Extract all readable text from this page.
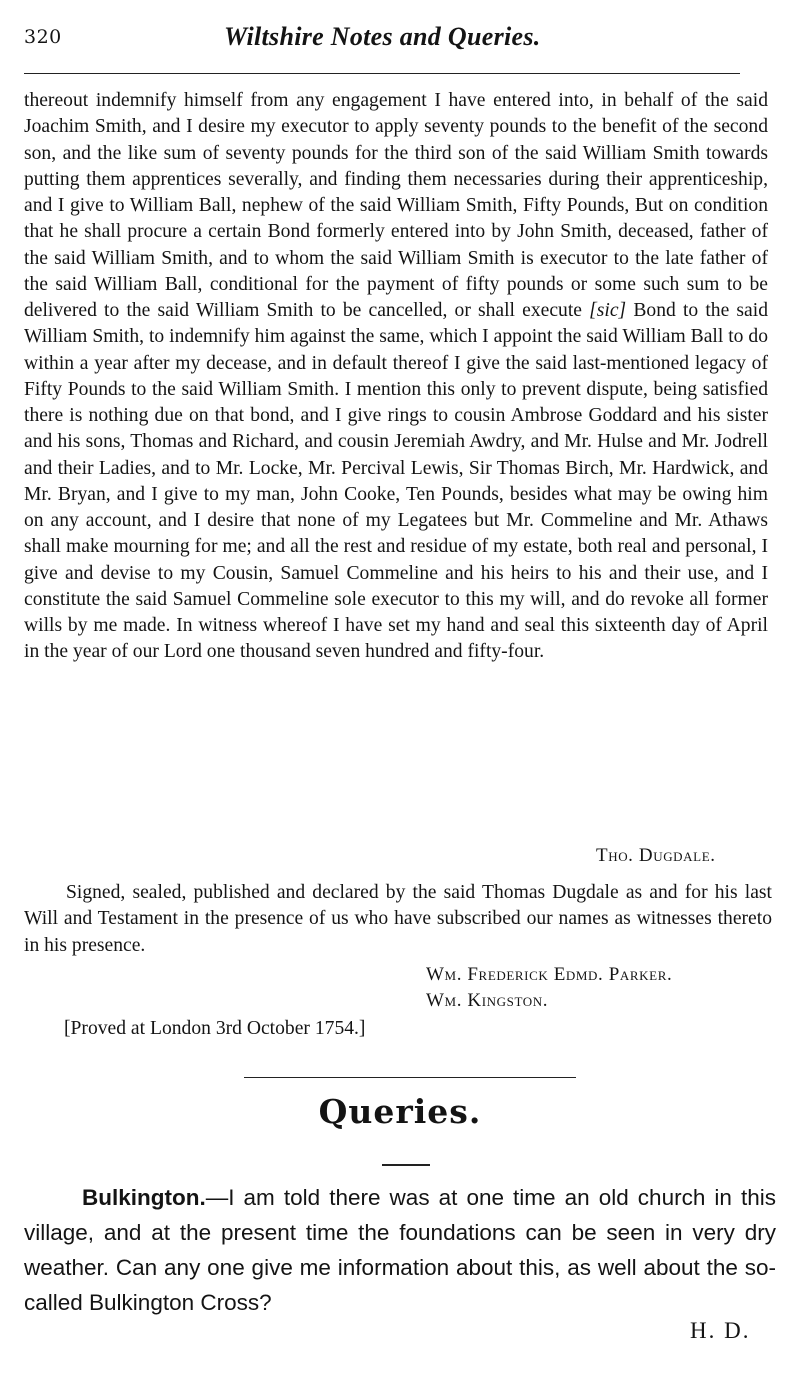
320	Wiltshire Notes and Queries.

thereout indemnify himself from any engagement I have entered into, in behalf of the said Joachim Smith, and I desire my executor to apply seventy pounds to the benefit of the second son, and the like sum of seventy pounds for the third son of the said William Smith towards putting them apprentices severally, and finding them necessaries during their apprenticeship, and I give to William Ball, nephew of the said William Smith, Fifty Pounds, But on condition that he shall procure a certain Bond formerly entered into by John Smith, deceased, father of the said William Smith, and to whom the said William Smith is executor to the late father of the said William Ball, conditional for the payment of fifty pounds or some such sum to be delivered to the said William Smith to be cancelled, or shall execute [sic] Bond to the said William Smith, to indemnify him against the same, which I appoint the said William Ball to do within a year after my decease, and in default thereof I give the said last-mentioned legacy of Fifty Pounds to the said William Smith. I mention this only to prevent dispute, being satisfied there is nothing due on that bond, and I give rings to cousin Ambrose Goddard and his sister and his sons, Thomas and Richard, and cousin Jeremiah Awdry, and Mr. Hulse and Mr. Jodrell and their Ladies, and to Mr. Locke, Mr. Percival Lewis, Sir Thomas Birch, Mr. Hardwick, and Mr. Bryan, and I give to my man, John Cooke, Ten Pounds, besides what may be owing him on any account, and I desire that none of my Legatees but Mr. Commeline and Mr. Athaws shall make mourning for me; and all the rest and residue of my estate, both real and personal, I give and devise to my Cousin, Samuel Commeline and his heirs to his and their use, and I constitute the said Samuel Commeline sole executor to this my will, and do revoke all former wills by me made. In witness whereof I have set my hand and seal this sixteenth day of April in the year of our Lord one thousand seven hundred and fifty-four.

Tho. Dugdale.
Signed, sealed, published and declared by the said Thomas Dugdale as and for his last Will and Testament in the presence of us who have subscribed our names as witnesses thereto in his presence.
Wm. Frederick Edmd. Parker.
Wm. Kingston.
[Proved at London 3rd October 1754.]
Queries.
Bulkington.—I am told there was at one time an old church in this village, and at the present time the foundations can be seen in very dry weather. Can any one give me information about this, as well about the so-called Bulkington Cross?
H. D.
